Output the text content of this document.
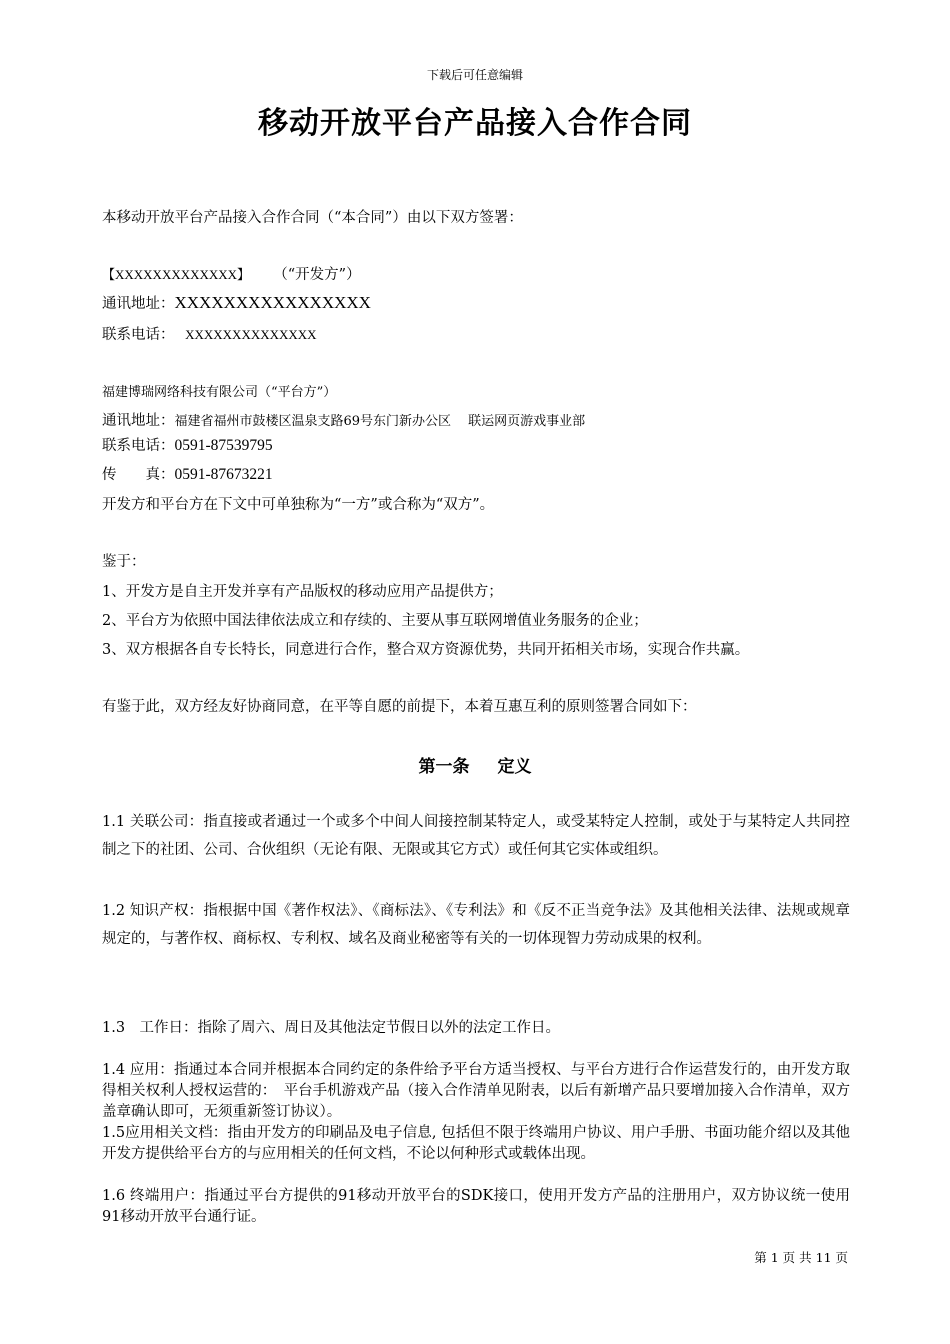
下载后可任意编辑
移动开放平台产品接入合作合同
本移动开放平台产品接入合作合同（“本合同”）由以下双方签署：
【XXXXXXXXXXXXX】 （“开发方”）
通讯地址：XXXXXXXXXXXXXXXX
联系电话： XXXXXXXXXXXXXX
福建博瑞网络科技有限公司（“平台方”）
通讯地址：福建省福州市鼓楼区温泉支路69号东门新办公区　 联运网页游戏事业部
联系电话：0591-87539795
传　　真：0591-87673221
开发方和平台方在下文中可单独称为“一方”或合称为“双方”。
鉴于：
1、开发方是自主开发并享有产品版权的移动应用产品提供方；
2、平台方为依照中国法律依法成立和存续的、主要从事互联网增值业务服务的企业；
3、双方根据各自专长特长，同意进行合作，整合双方资源优势，共同开拓相关市场，实现合作共赢。
有鉴于此，双方经友好协商同意，在平等自愿的前提下，本着互惠互利的原则签署合同如下：
第一条 定义
1.1 关联公司：指直接或者通过一个或多个中间人间接控制某特定人，或受某特定人控制，或处于与某特定人共同控制之下的社团、公司、合伙组织（无论有限、无限或其它方式）或任何其它实体或组织。
1.2 知识产权：指根据中国《著作权法》、《商标法》、《专利法》和《反不正当竞争法》及其他相关法律、法规或规章规定的，与著作权、商标权、专利权、域名及商业秘密等有关的一切体现智力劳动成果的权利。
1.3　工作日：指除了周六、周日及其他法定节假日以外的法定工作日。
1.4 应用：指通过本合同并根据本合同约定的条件给予平台方适当授权、与平台方进行合作运营发行的，由开发方取得相关权利人授权运营的：　平台手机游戏产品（接入合作清单见附表，以后有新增产品只要增加接入合作清单，双方盖章确认即可，无须重新签订协议）。
1.5应用相关文档：指由开发方的印刷品及电子信息, 包括但不限于终端用户协议、用户手册、书面功能介绍以及其他开发方提供给平台方的与应用相关的任何文档，不论以何种形式或载体出现。
1.6 终端用户：指通过平台方提供的91移动开放平台的SDK接口，使用开发方产品的注册用户，双方协议统一使用91移动开放平台通行证。
第 1 页 共 11 页
